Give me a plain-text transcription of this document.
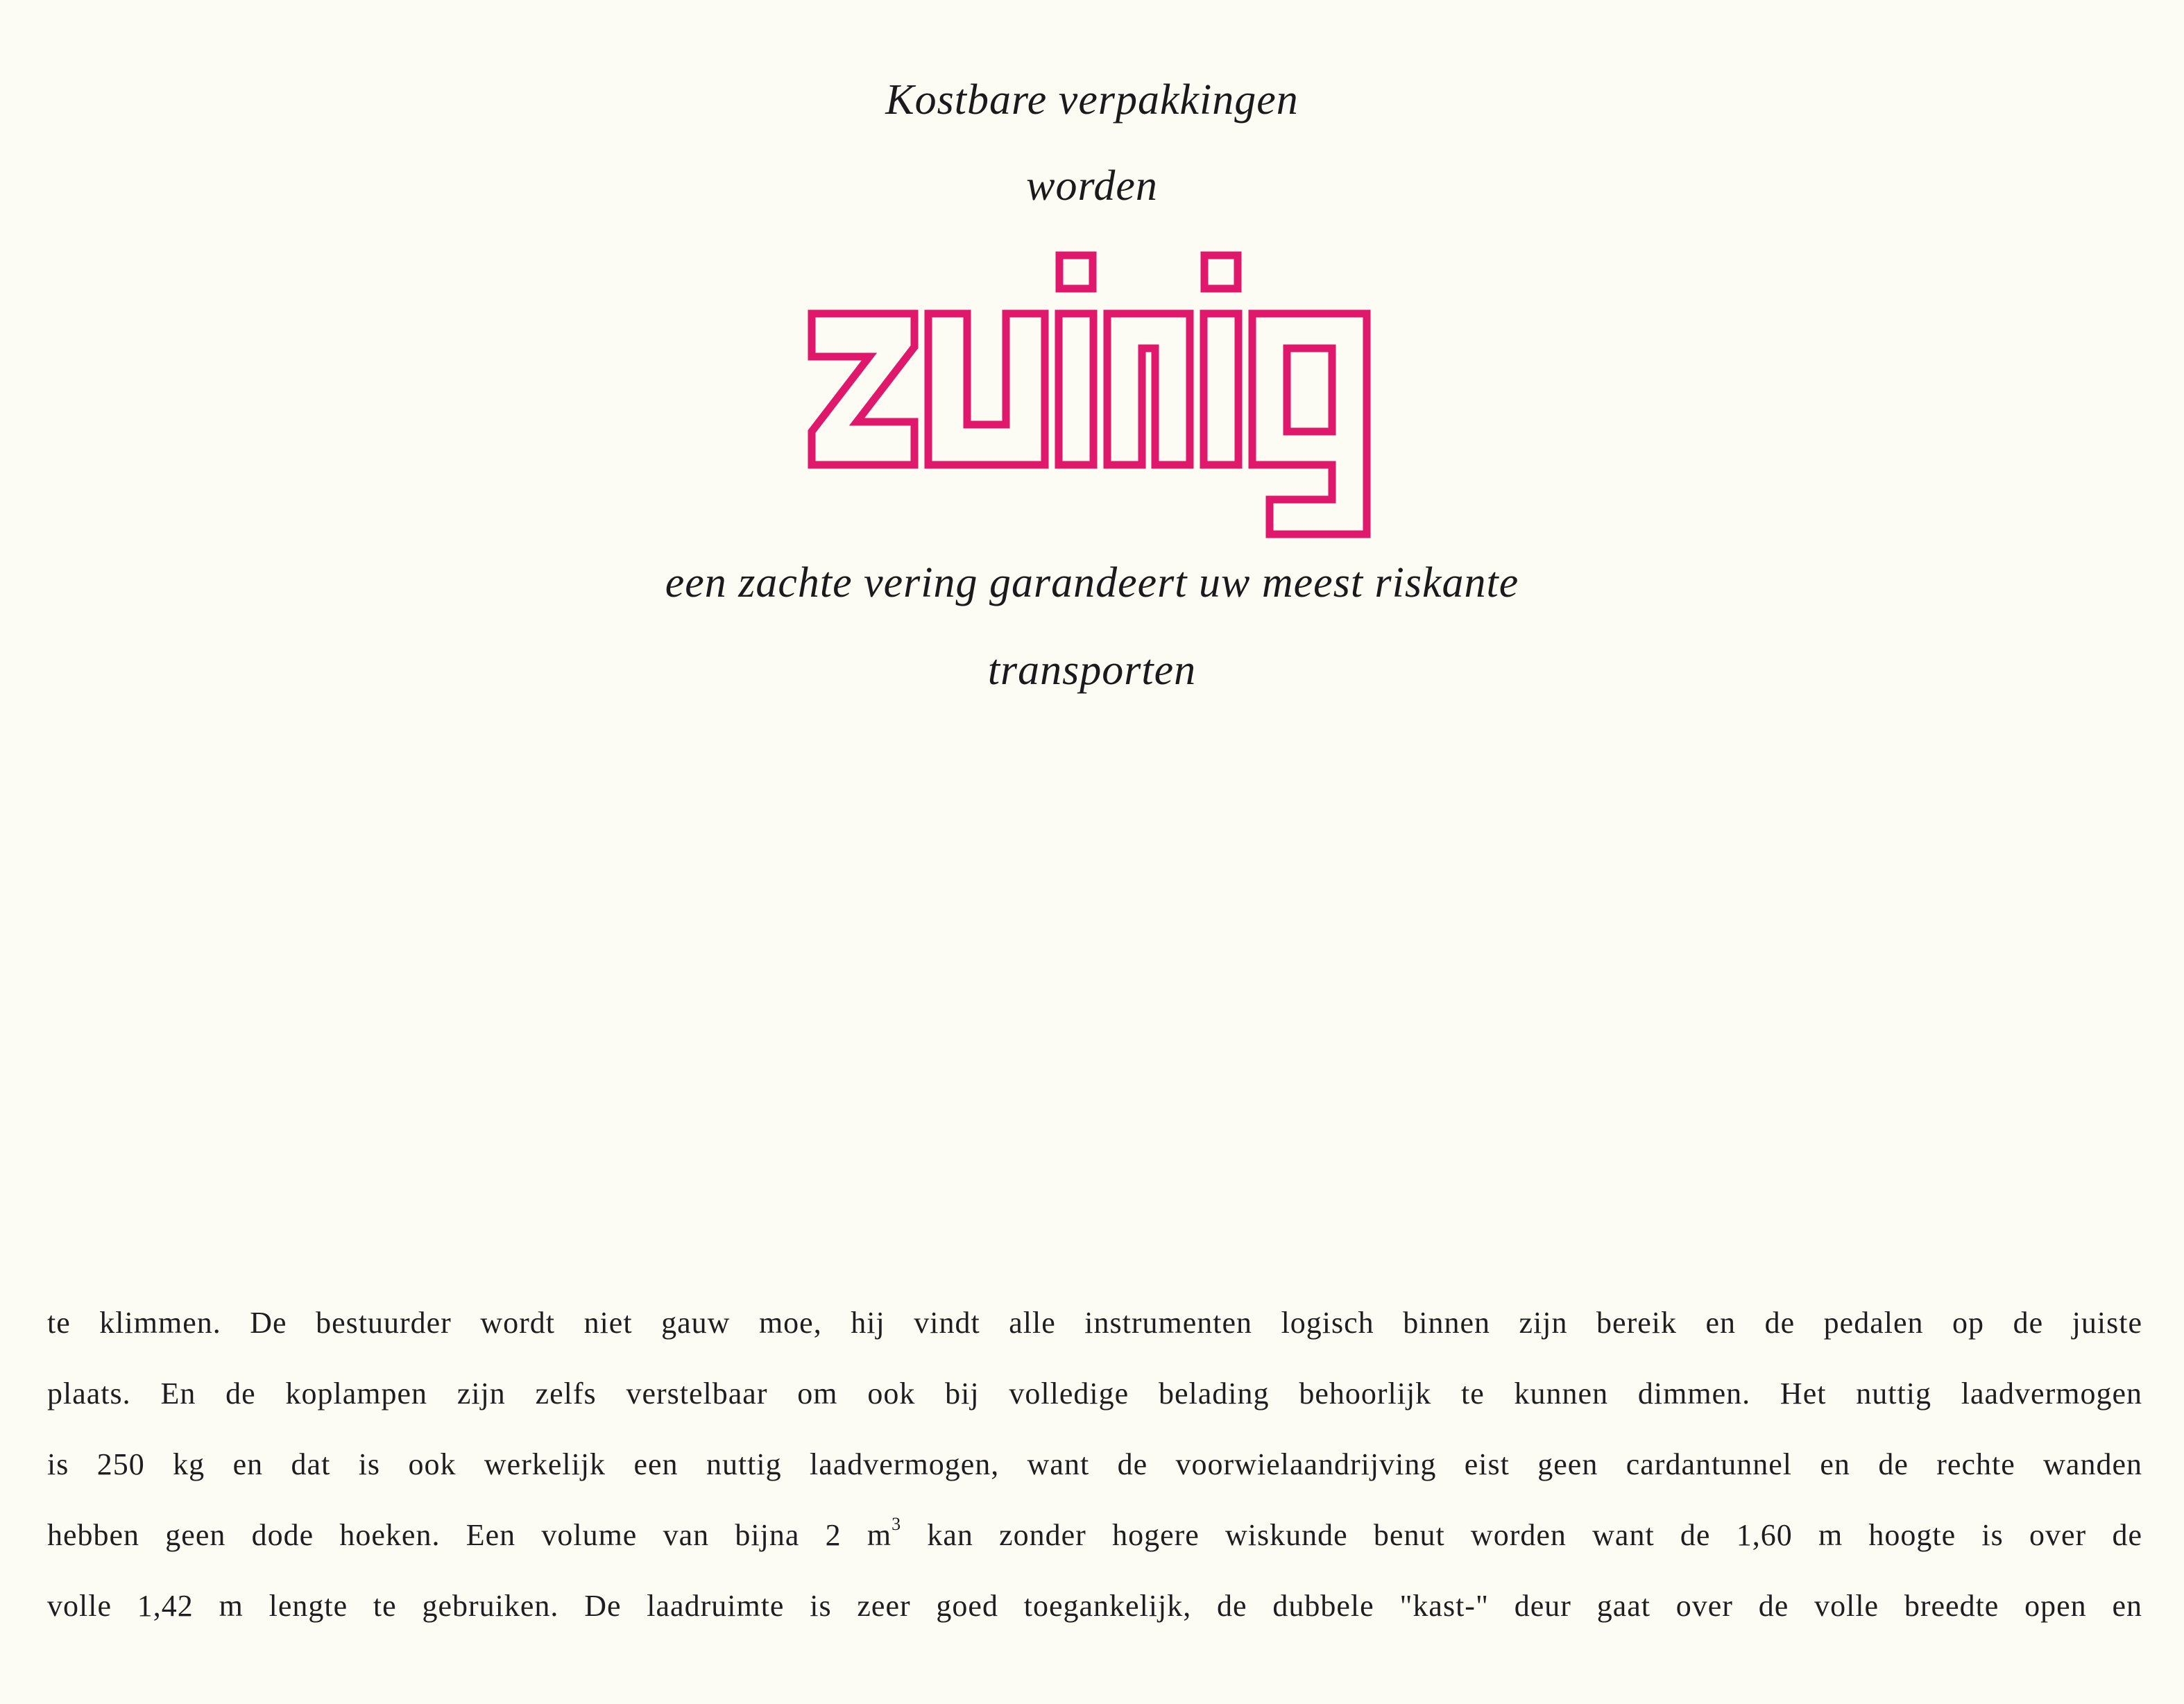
Kostbare verpakkingen
worden
zuinig
een zachte vering garandeert uw meest riskante
transporten
te klimmen. De bestuurder wordt niet gauw moe, hij vindt alle instrumenten logisch binnen zijn bereik en de pedalen op de juiste
plaats. En de koplampen zijn zelfs verstelbaar om ook bij volledige belading behoorlijk te kunnen dimmen. Het nuttig laadvermogen
is 250 kg en dat is ook werkelijk een nuttig laadvermogen, want de voorwielaandrijving eist geen cardantunnel en de rechte wanden
hebben geen dode hoeken. Een volume van bijna 2 $m^3$ kan zonder hogere wiskunde benut worden want de 1,60 m hoogte is over de
volle 1,42 m lengte te gebruiken. De laadruimte is zeer goed toegankelijk, de dubbele "kast-" deur gaat over de volle breedte open en
